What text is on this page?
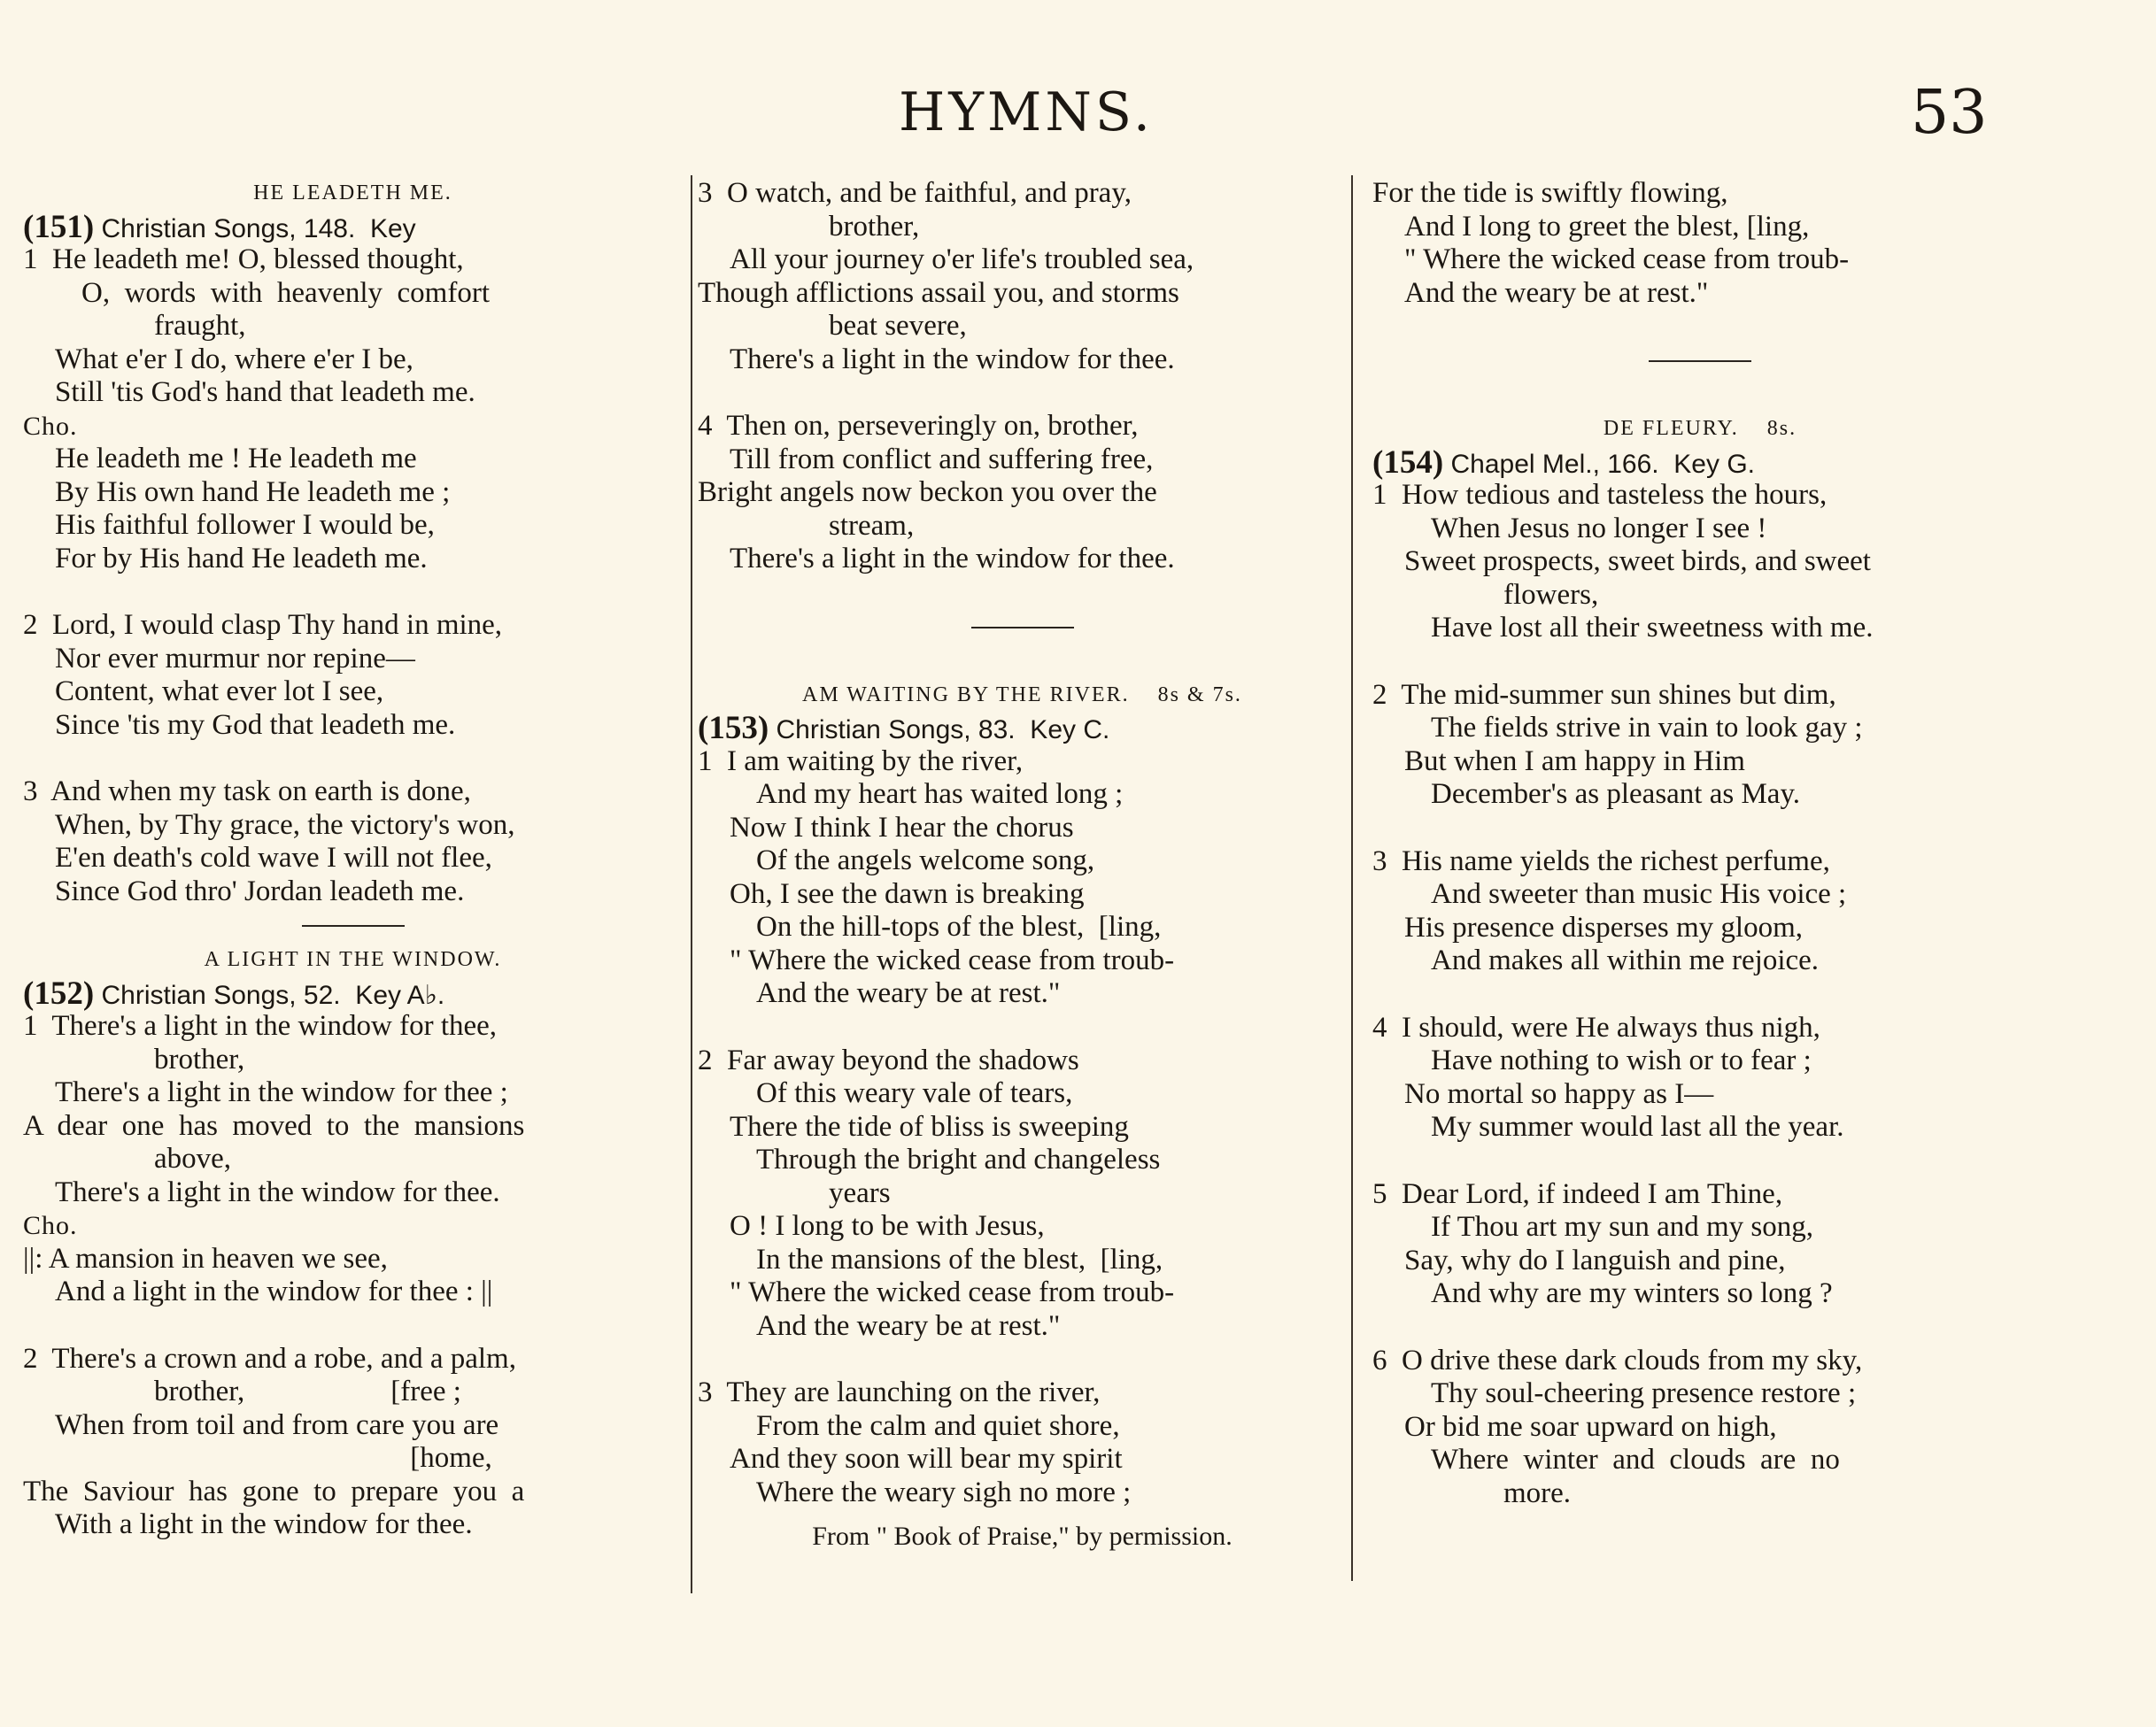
HYMNS.	53
HE LEADETH ME.
(151) Christian Songs, 148.  Key
1  He leadeth me! O, blessed thought,
O,  words  with  heavenly  comfort
fraught,
What e'er I do, where e'er I be,
Still 'tis God's hand that leadeth me.
Cho.
He leadeth me ! He leadeth me
By His own hand He leadeth me ;
His faithful follower I would be,
For by His hand He leadeth me.
2  Lord, I would clasp Thy hand in mine,
Nor ever murmur nor repine—
Content, what ever lot I see,
Since 'tis my God that leadeth me.
3  And when my task on earth is done,
When, by Thy grace, the victory's won,
E'en death's cold wave I will not flee,
Since God thro' Jordan leadeth me.
A LIGHT IN THE WINDOW.
(152) Christian Songs, 52.  Key A♭.
1  There's a light in the window for thee,
brother,
There's a light in the window for thee ;
A  dear  one  has  moved  to  the  mansions
above,
There's a light in the window for thee.
Cho.
||: A mansion in heaven we see,
And a light in the window for thee : ||
2  There's a crown and a robe, and a palm,
brother,                    [free ;
When from toil and from care you are
[home,
The  Saviour  has  gone  to  prepare  you  a
With a light in the window for thee.
3  O watch, and be faithful, and pray,
brother,
All your journey o'er life's troubled sea,
Though afflictions assail you, and storms
beat severe,
There's a light in the window for thee.
4  Then on, perseveringly on, brother,
Till from conflict and suffering free,
Bright angels now beckon you over the
stream,
There's a light in the window for thee.
AM WAITING BY THE RIVER.    8s & 7s.
(153) Christian Songs, 83.  Key C.
1  I am waiting by the river,
And my heart has waited long ;
Now I think I hear the chorus
Of the angels welcome song,
Oh, I see the dawn is breaking
On the hill-tops of the blest,  [ling,
" Where the wicked cease from troub-
And the weary be at rest."
2  Far away beyond the shadows
Of this weary vale of tears,
There the tide of bliss is sweeping
Through the bright and changeless
years
O ! I long to be with Jesus,
In the mansions of the blest,  [ling,
" Where the wicked cease from troub-
And the weary be at rest."
3  They are launching on the river,
From the calm and quiet shore,
And they soon will bear my spirit
Where the weary sigh no more ;
From " Book of Praise," by permission.
For the tide is swiftly flowing,
And I long to greet the blest, [ling,
" Where the wicked cease from troub-
And the weary be at rest."
DE FLEURY.    8s.
(154) Chapel Mel., 166.  Key G.
1  How tedious and tasteless the hours,
When Jesus no longer I see !
Sweet prospects, sweet birds, and sweet
flowers,
Have lost all their sweetness with me.
2  The mid-summer sun shines but dim,
The fields strive in vain to look gay ;
But when I am happy in Him
December's as pleasant as May.
3  His name yields the richest perfume,
And sweeter than music His voice ;
His presence disperses my gloom,
And makes all within me rejoice.
4  I should, were He always thus nigh,
Have nothing to wish or to fear ;
No mortal so happy as I—
My summer would last all the year.
5  Dear Lord, if indeed I am Thine,
If Thou art my sun and my song,
Say, why do I languish and pine,
And why are my winters so long ?
6  O drive these dark clouds from my sky,
Thy soul-cheering presence restore ;
Or bid me soar upward on high,
Where  winter  and  clouds  are  no
more.
